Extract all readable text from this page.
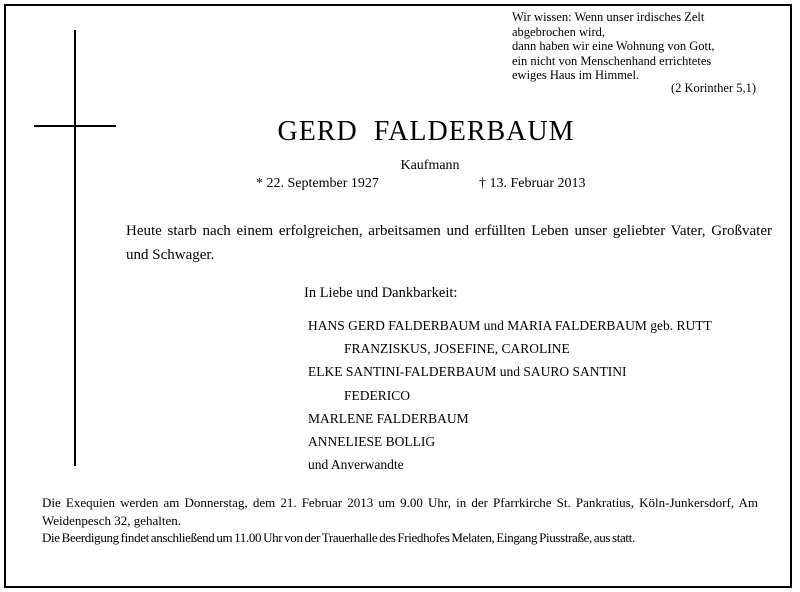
Wir wissen: Wenn unser irdisches Zelt
abgebrochen wird,
dann haben wir eine Wohnung von Gott,
ein nicht von Menschenhand errichtetes
ewiges Haus im Himmel.
(2 Korinther 5,1)
GERD FALDERBAUM
Kaufmann
* 22. September 1927	† 13. Februar 2013
Heute starb nach einem erfolgreichen, arbeitsamen und erfüllten Leben unser geliebter Vater, Großvater und Schwager.
In Liebe und Dankbarkeit:
HANS GERD FALDERBAUM und MARIA FALDERBAUM geb. RUTT
FRANZISKUS, JOSEFINE, CAROLINE
ELKE SANTINI-FALDERBAUM und SAURO SANTINI
FEDERICO
MARLENE FALDERBAUM
ANNELIESE BOLLIG
und Anverwandte

Die Exequien werden am Donnerstag, dem 21. Februar 2013 um 9.00 Uhr, in der Pfarrkirche St. Pankratius, Köln-Junkersdorf, Am Weidenpesch 32, gehalten.

Die Beerdigung findet anschließend um 11.00 Uhr von der Trauerhalle des Friedhofes Melaten, Eingang Piusstraße, aus statt.
